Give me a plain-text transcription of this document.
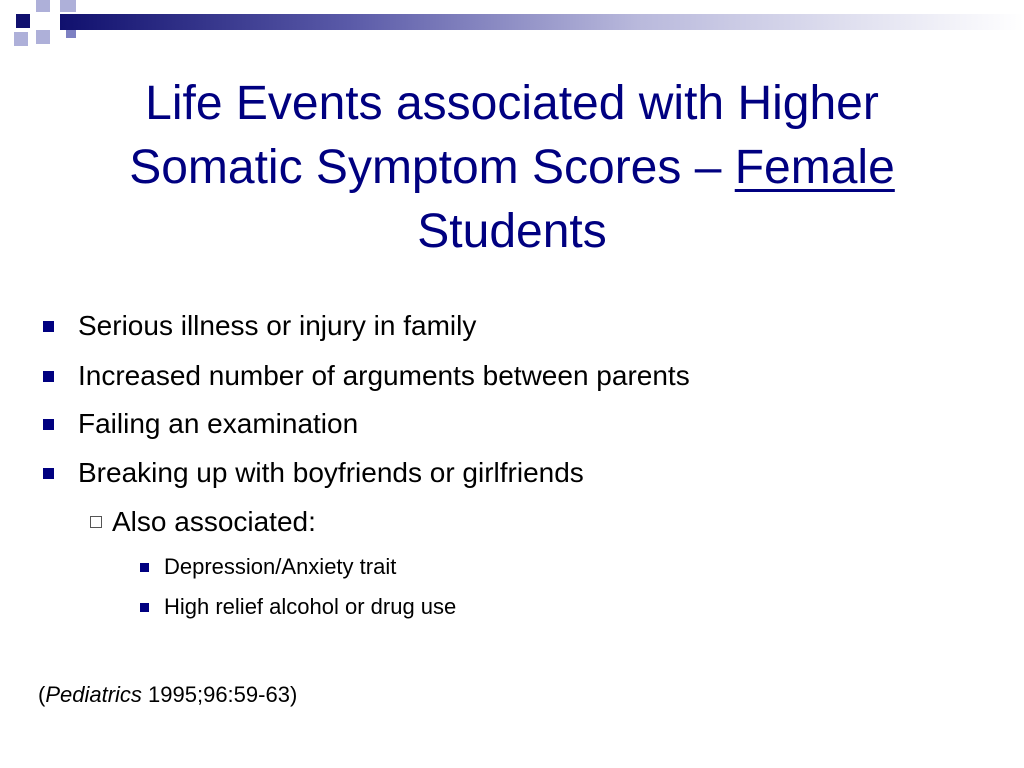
Life Events associated with Higher
Somatic Symptom Scores – Female
Students
Serious illness or injury in family
Increased number of arguments between parents
Failing an examination
Breaking up with boyfriends or girlfriends
Also associated:
Depression/Anxiety trait
High relief alcohol or drug use
(Pediatrics 1995;96:59-63)
